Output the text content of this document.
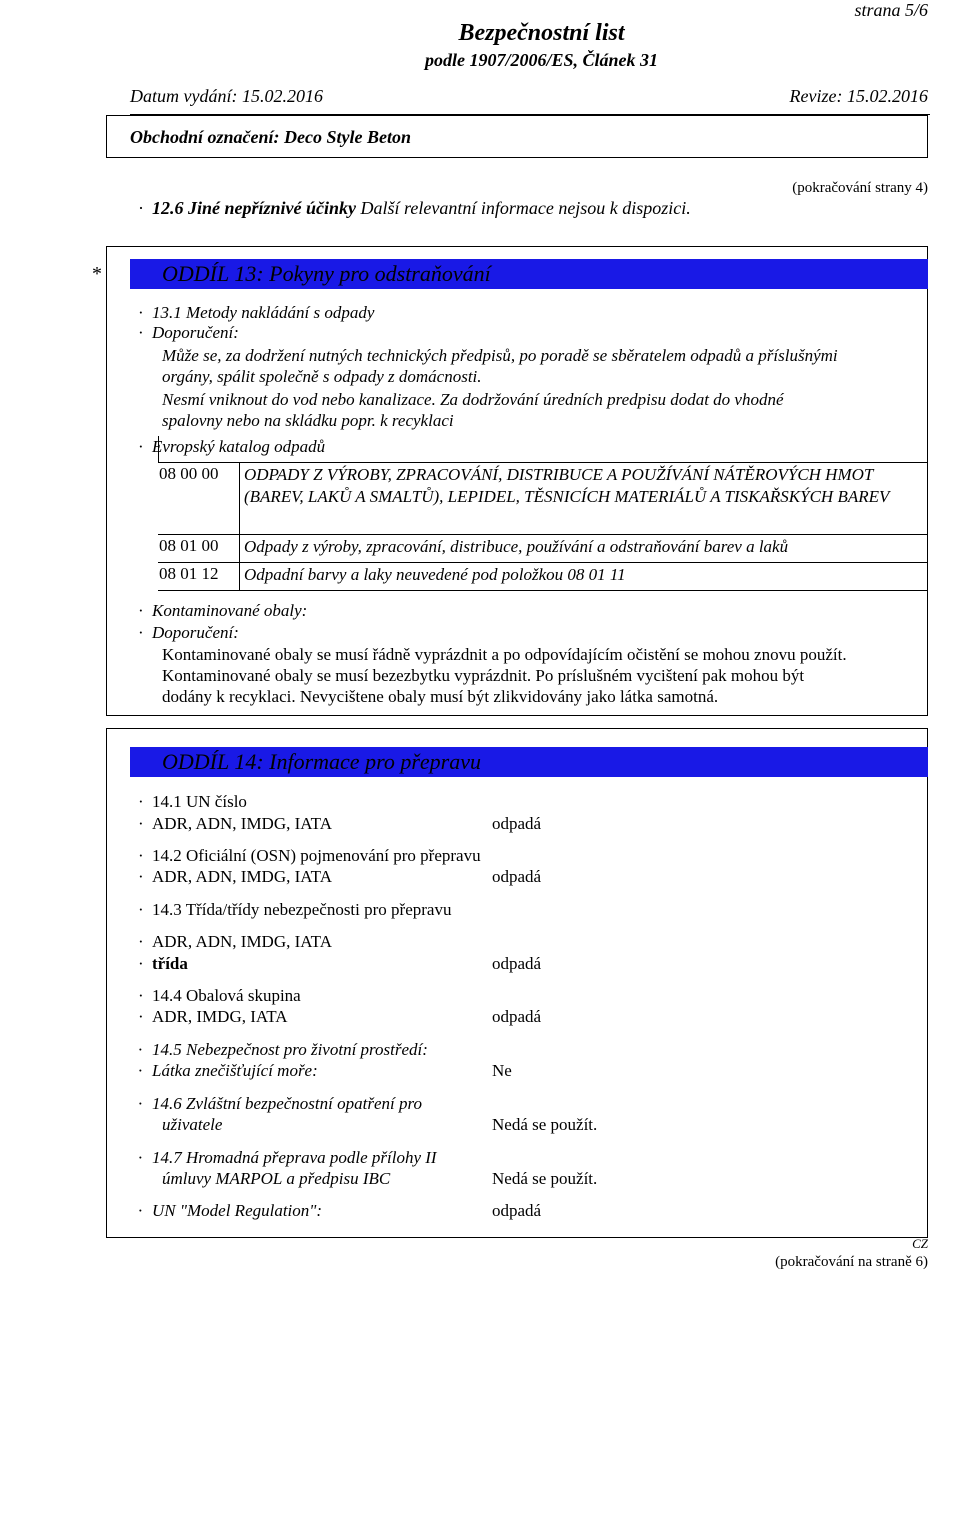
strana 5/6
Bezpečnostní list
podle 1907/2006/ES, Článek 31
Datum vydání: 15.02.2016	Revize: 15.02.2016
Obchodní označení: Deco Style Beton
(pokračování strany 4)
· 12.6 Jiné nepříznivé účinky Další relevantní informace nejsou k dispozici.
*	ODDÍL 13: Pokyny pro odstraňování
· 13.1 Metody nakládání s odpady
· Doporučení:
Může se, za dodržení nutných technických předpisů, po poradě se sběratelem odpadů a příslušnými
orgány, spálit společně s odpady z domácnosti.
Nesmí vniknout do vod nebo kanalizace. Za dodržování úredních predpisu dodat do vhodné
spalovny nebo na skládku popr. k recyklaci
· Evropský katalog odpadů
08 00 00	ODPADY Z VÝROBY, ZPRACOVÁNÍ, DISTRIBUCE A POUŽÍVÁNÍ NÁTĚROVÝCH HMOT (BAREV, LAKŮ A SMALTŮ), LEPIDEL, TĚSNICÍCH MATERIÁLŮ A TISKAŘSKÝCH BAREV
08 01 00	Odpady z výroby, zpracování, distribuce, používání a odstraňování barev a laků
08 01 12	Odpadní barvy a laky neuvedené pod položkou 08 01 11
· Kontaminované obaly:
· Doporučení:
Kontaminované obaly se musí řádně vyprázdnit a po odpovídajícím očistění se mohou znovu použít.
Kontaminované obaly se musí bezezbytku vyprázdnit. Po príslušném vycištení pak mohou být
dodány k recyklaci. Nevycištene obaly musí být zlikvidovány jako látka samotná.
ODDÍL 14: Informace pro přepravu
· 14.1 UN číslo
· ADR, ADN, IMDG, IATA	odpadá
· 14.2 Oficiální (OSN) pojmenování pro přepravu
· ADR, ADN, IMDG, IATA	odpadá
· 14.3 Třída/třídy nebezpečnosti pro přepravu
· ADR, ADN, IMDG, IATA
· třída	odpadá
· 14.4 Obalová skupina
· ADR, IMDG, IATA	odpadá
· 14.5 Nebezpečnost pro životní prostředí:
· Látka znečišťující moře:	Ne
· 14.6 Zvláštní bezpečnostní opatření pro
uživatele	Nedá se použít.
· 14.7 Hromadná přeprava podle přílohy II
úmluvy MARPOL a předpisu IBC	Nedá se použít.
· UN "Model Regulation":	odpadá
CZ
(pokračování na straně 6)
